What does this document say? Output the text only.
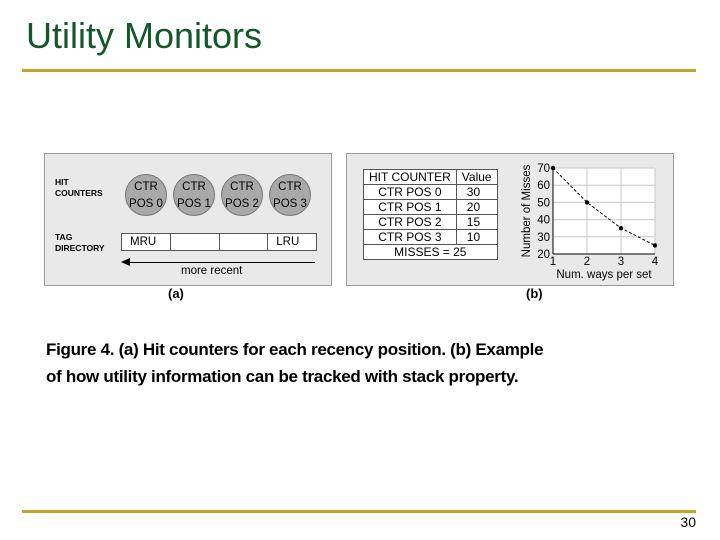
Utility Monitors
HIT
COUNTERS
TAG
DIRECTORY
CTR
POS 0
CTR
POS 1
CTR
POS 2
CTR
POS 3
MRU	LRU
more recent
HIT COUNTER	Value
CTR POS 0	30
CTR POS 1	20
CTR POS 2	15
CTR POS 3	10
MISSES = 25	
70
60
50
40
30
20
1 2 3 4
Num. ways per set
Number of Misses
(a)	(b)
Figure 4. (a) Hit counters for each recency position. (b) Example
of how utility information can be tracked with stack property.
30
